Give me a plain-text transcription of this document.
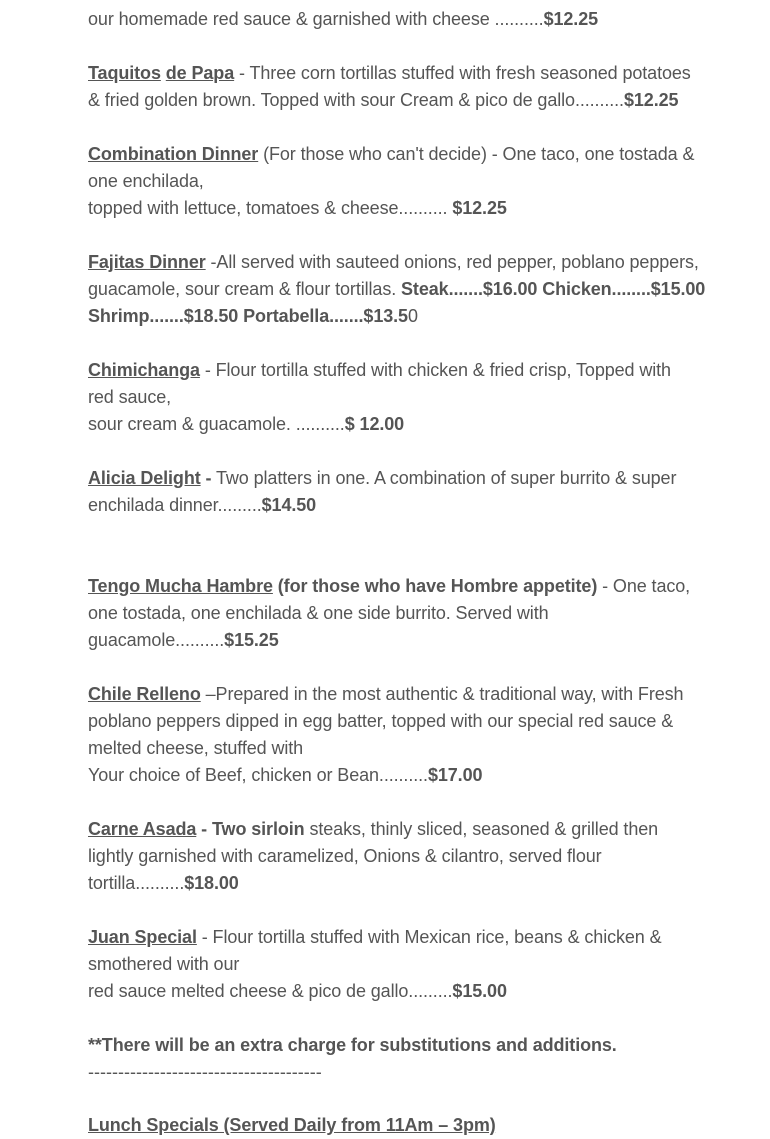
our homemade red sauce & garnished with cheese ..........$12.25
Taquitos de Papa - Three corn tortillas stuffed with fresh seasoned potatoes
& fried golden brown. Topped with sour Cream & pico de gallo..........$12.25
Combination Dinner (For those who can't decide) - One taco, one tostada &
one enchilada,
topped with lettuce, tomatoes & cheese.......... $12.25
Fajitas Dinner -All served with sauteed onions, red pepper, poblano peppers,
guacamole, sour cream & flour tortillas. Steak.......$16.00 Chicken........$15.00
Shrimp.......$18.50 Portabella.......$13.50
Chimichanga - Flour tortilla stuffed with chicken & fried crisp, Topped with
red sauce,
sour cream & guacamole. ..........$ 12.00
Alicia Delight - Two platters in one. A combination of super burrito & super
enchilada dinner.........$14.50
Tengo Mucha Hambre (for those who have Hombre appetite) - One taco,
one tostada, one enchilada & one side burrito. Served with
guacamole..........$15.25
Chile Relleno –Prepared in the most authentic & traditional way, with Fresh
poblano peppers dipped in egg batter, topped with our special red sauce &
melted cheese, stuffed with
Your choice of Beef, chicken or Bean..........$17.00
Carne Asada - Two sirloin steaks, thinly sliced, seasoned & grilled then
lightly garnished with caramelized, Onions & cilantro, served flour
tortilla..........$18.00
Juan Special - Flour tortilla stuffed with Mexican rice, beans & chicken &
smothered with our
red sauce melted cheese & pico de gallo.........$15.00
**There will be an extra charge for substitutions and additions.
---------------------------------------
Lunch Specials (Served Daily from 11Am – 3pm)
